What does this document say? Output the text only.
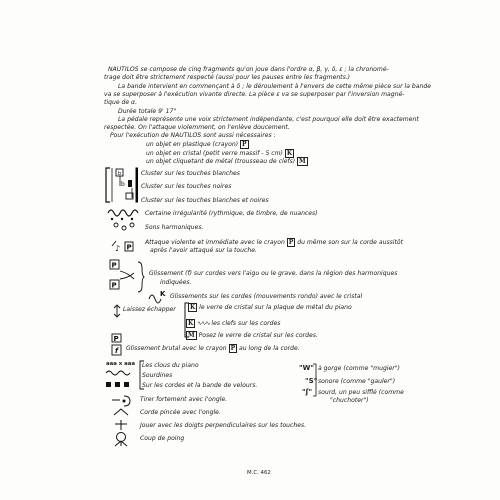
NAUTILOS se compose de cinq fragments qu'on joue dans l'ordre α, β, γ, δ, ε ; la chronomé-
trage doit être strictement respecté (aussi pour les pauses entre les fragments.)
La bande intervient en commençant à δ ; le déroulement à l'envers de cette même pièce sur la bande
va se superposer à l'exécution vivante directe. La pièce ε va se superposer par l'inversion magné-
tique de α.
Durée totale 9' 17"
La pédale représente une voix strictement indépendante, c'est pourquoi elle doit être exactement
respectée. On l'attaque violemment, on l'enlève doucement.
Pour l'exécution de NAUTILOS sont aussi nécessaires :
un objet en plastique (crayon) P
un objet en cristal (petit verre massif - 5 cm) K
un objet cliquetant de métal (trousseau de clefs) M
b
b
Cluster sur les touches blanches
Cluster sur les touches noires
Cluster sur les touches blanches et noires
Certaine irrégularité (rythmique, de timbre, de nuances)
Sons harmoniques.
♪ P
Attaque violente et immédiate avec le crayon P du même son sur la corde aussitôt
après l'avoir attaqué sur la touche.
P
P
Glissement (f) sur cordes vers l'aigu ou le grave, dans la région des harmoniques
indiquées.
K Glissements sur les cordes (mouvements rondo) avec le cristal
Laissez échapper	K le verre de cristal sur la plaque de métal du piano
K ∿∿∿ les clefs sur les cordes
M Posez le verre de cristal sur les cordes.
P
f Glissement brutal avec le crayon P au long de la corde.
aaa x aaa Les clous du piano
Sourdines
Sur les cordes et la bande de velours.
"W" à gorge (comme "mugier")
"S" sonore (comme "gauler")
"ʃ" sourd, un peu sifflé (comme
"chuchoter")
Tirer fortement avec l'ongle.
Corde pincée avec l'ongle.
Jouer avec les doigts perpendiculaires sur les touches.
Coup de poing
M.C. 462
